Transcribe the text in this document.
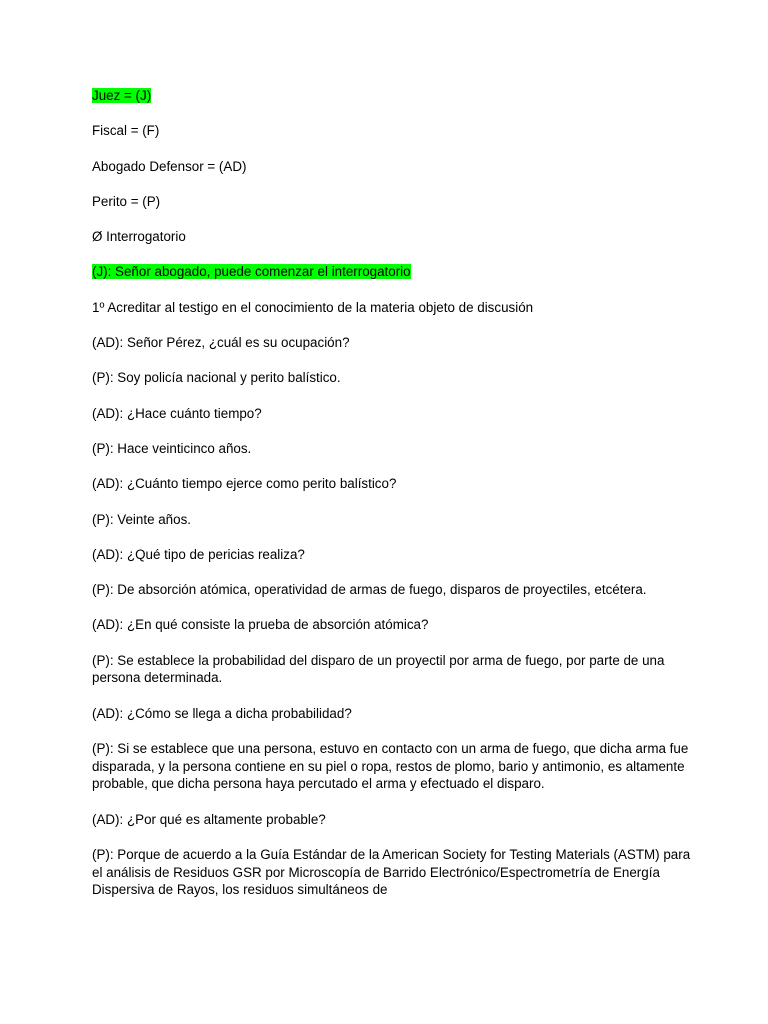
Juez = (J)

Fiscal = (F)

Abogado Defensor = (AD)

Perito = (P)

Ø Interrogatorio

(J): Señor abogado, puede comenzar el interrogatorio

1º Acreditar al testigo en el conocimiento de la materia objeto de discusión

(AD): Señor Pérez, ¿cuál es su ocupación?

(P): Soy policía nacional y perito balístico.

(AD): ¿Hace cuánto tiempo?

(P): Hace veinticinco años.

(AD): ¿Cuánto tiempo ejerce como perito balístico?

(P): Veinte años.

(AD): ¿Qué tipo de pericias realiza?

(P): De absorción atómica, operatividad de armas de fuego, disparos de proyectiles, etcétera.

(AD): ¿En qué consiste la prueba de absorción atómica?

(P): Se establece la probabilidad del disparo de un proyectil por arma de fuego, por parte de una persona determinada.

(AD): ¿Cómo se llega a dicha probabilidad?

(P): Si se establece que una persona, estuvo en contacto con un arma de fuego, que dicha arma fue disparada, y la persona contiene en su piel o ropa, restos de plomo, bario y antimonio, es altamente probable, que dicha persona haya percutado el arma y efectuado el disparo.

(AD): ¿Por qué es altamente probable?

(P): Porque de acuerdo a la Guía Estándar de la American Society for Testing Materials (ASTM) para el análisis de Residuos GSR por Microscopía de Barrido Electrónico/Espectrometría de Energía Dispersiva de Rayos, los residuos simultáneos de
